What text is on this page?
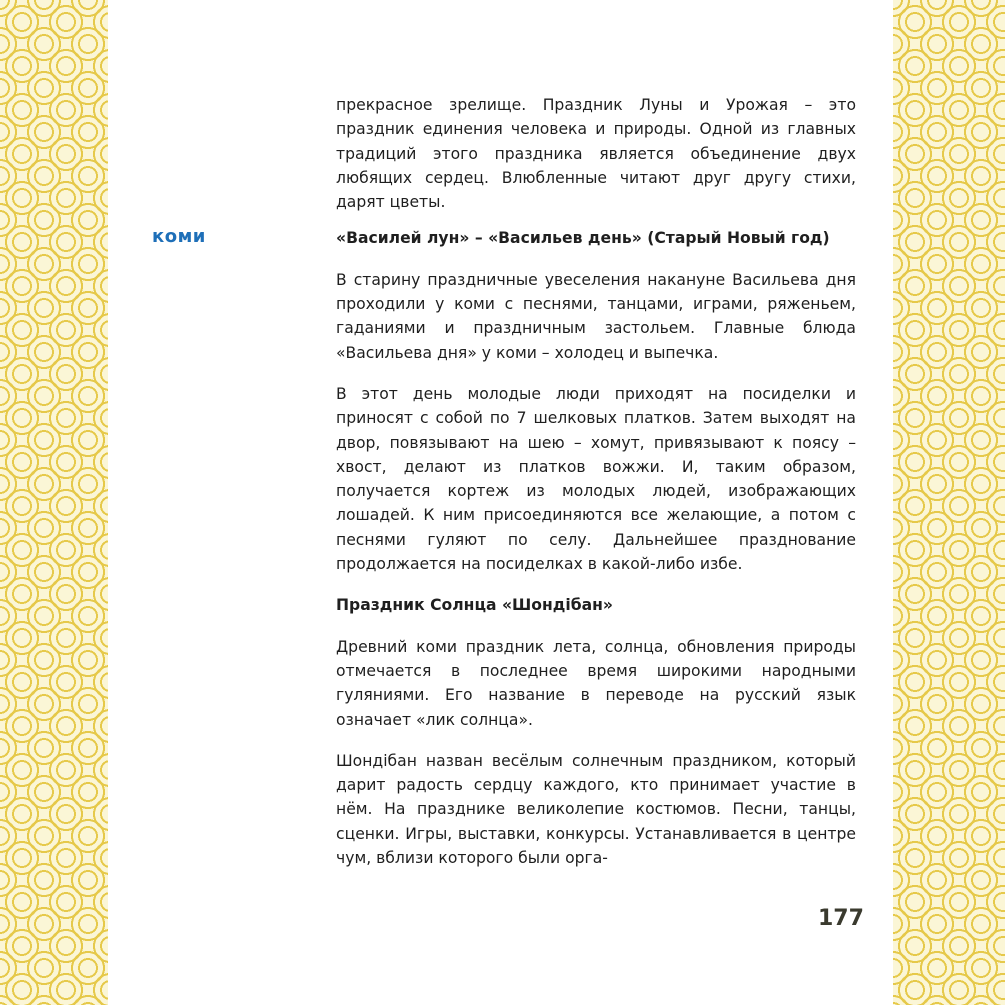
коми

прекрасное зрелище. Праздник Луны и Урожая – это праздник единения человека и природы. Одной из главных традиций этого праздника является объединение двух любящих сердец. Влюбленные читают друг другу стихи, дарят цветы.

«Василей лун» – «Васильев день» (Старый Новый год)

В старину праздничные увеселения накануне Васильева дня проходили у коми с песнями, танцами, играми, ряженьем, гаданиями и праздничным застольем. Главные блюда «Васильева дня» у коми – холодец и выпечка.

В этот день молодые люди приходят на посиделки и приносят с собой по 7 шелковых платков. Затем выходят на двор, повязывают на шею – хомут, привязывают к поясу – хвост, делают из платков вожжи. И, таким образом, получается кортеж из молодых людей, изображающих лошадей. К ним присоединяются все желающие, а потом с песнями гуляют по селу. Дальнейшее празднование продолжается на посиделках в какой-либо избе.

Праздник Солнца «Шондiбан»

Древний коми праздник лета, солнца, обновления природы отмечается в последнее время широкими народными гуляниями. Его название в переводе на русский язык означает «лик солнца».

Шондiбан назван весёлым солнечным праздником, который дарит радость сердцу каждого, кто принимает участие в нём. На празднике великолепие костюмов. Песни, танцы, сценки. Игры, выставки, конкурсы. Устанавливается в центре чум, вблизи которого были орга-

177
